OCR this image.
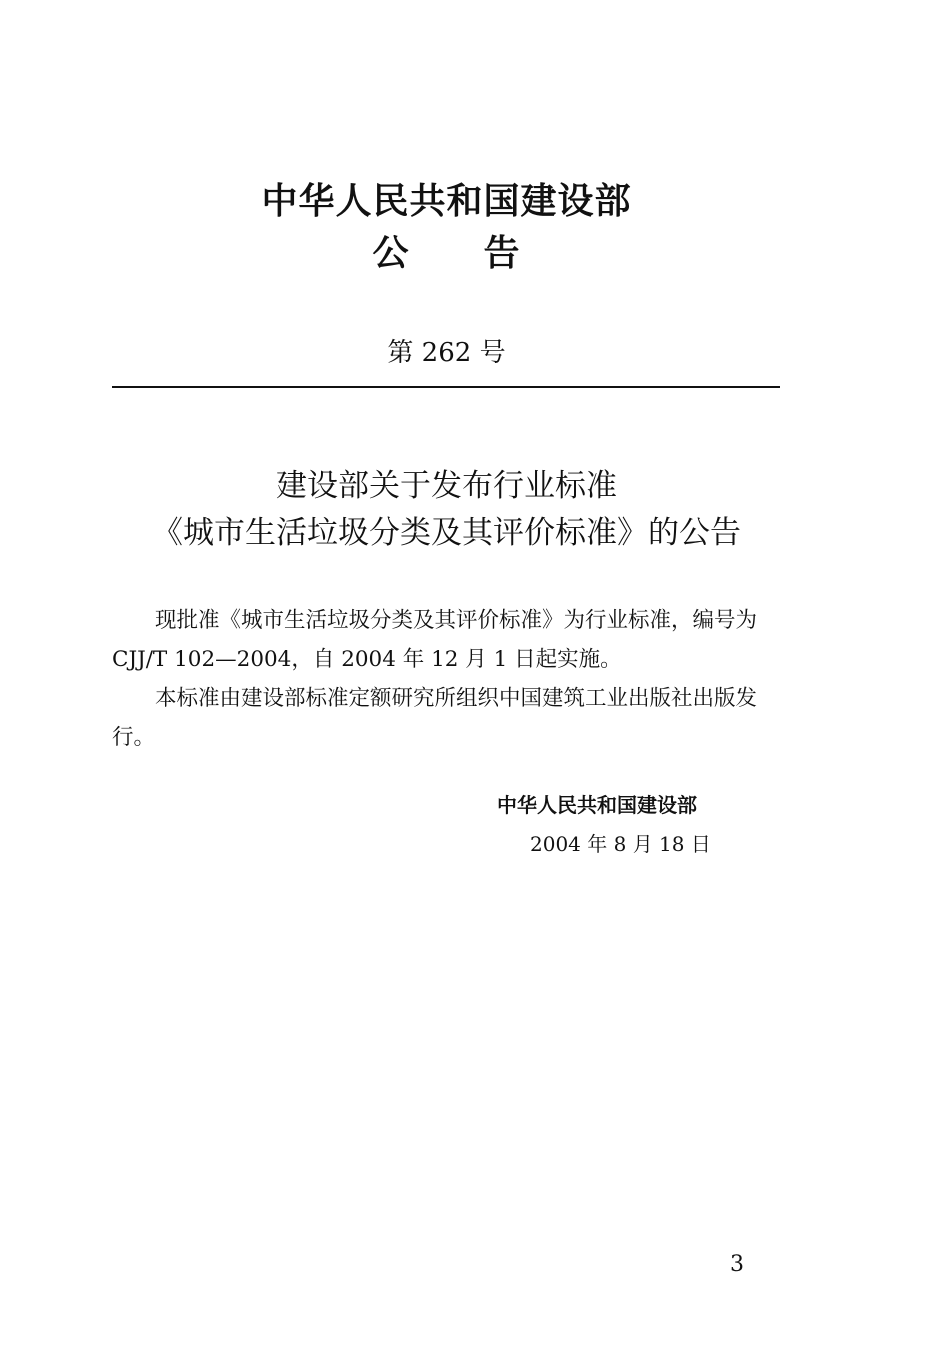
中华人民共和国建设部
公　　告
第 262 号
建设部关于发布行业标准
《城市生活垃圾分类及其评价标准》的公告

现批准《城市生活垃圾分类及其评价标准》为行业标准，编号为 CJJ/T 102—2004，自 2004 年 12 月 1 日起实施。

本标准由建设部标准定额研究所组织中国建筑工业出版社出版发行。

中华人民共和国建设部
2004 年 8 月 18 日
3
